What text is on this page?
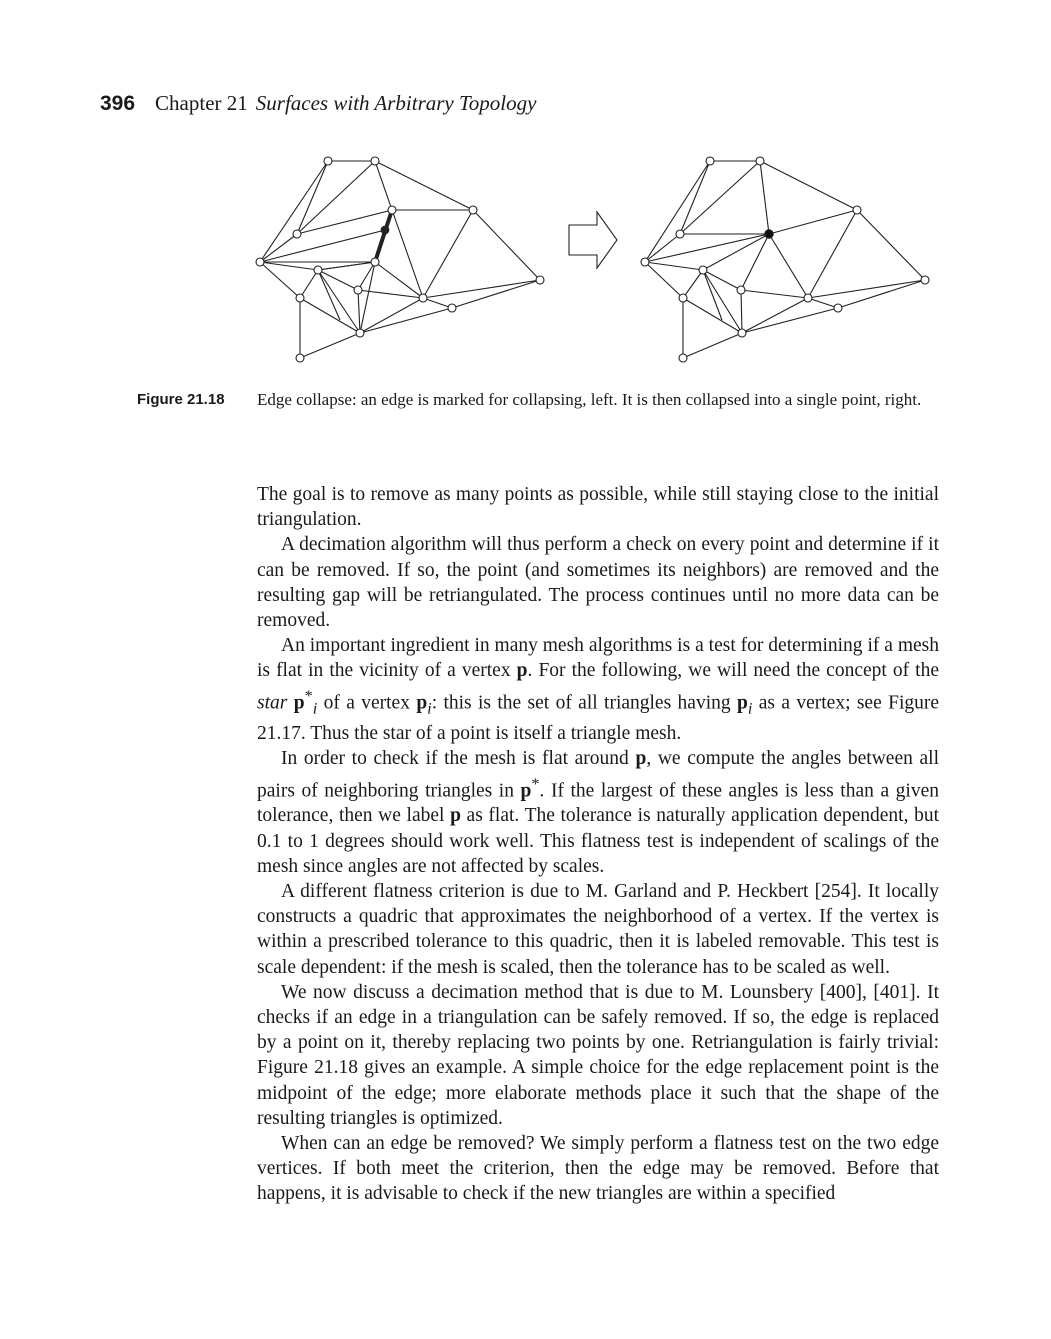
396 Chapter 21 Surfaces with Arbitrary Topology
Figure 21.18 Edge collapse: an edge is marked for collapsing, left. It is then collapsed into a single point, right.

The goal is to remove as many points as possible, while still staying close to the initial triangulation.

A decimation algorithm will thus perform a check on every point and determine if it can be removed. If so, the point (and sometimes its neighbors) are removed and the resulting gap will be retriangulated. The process continues until no more data can be removed.

An important ingredient in many mesh algorithms is a test for determining if a mesh is flat in the vicinity of a vertex p. For the following, we will need the concept of the star $p^*_i$ of a vertex $p_i$: this is the set of all triangles having $p_i$ as a vertex; see Figure 21.17. Thus the star of a point is itself a triangle mesh.

In order to check if the mesh is flat around p, we compute the angles between all pairs of neighboring triangles in p*. If the largest of these angles is less than a given tolerance, then we label p as flat. The tolerance is naturally application dependent, but 0.1 to 1 degrees should work well. This flatness test is independent of scalings of the mesh since angles are not affected by scales.

A different flatness criterion is due to M. Garland and P. Heckbert [254]. It locally constructs a quadric that approximates the neighborhood of a vertex. If the vertex is within a prescribed tolerance to this quadric, then it is labeled removable. This test is scale dependent: if the mesh is scaled, then the tolerance has to be scaled as well.

We now discuss a decimation method that is due to M. Lounsbery [400], [401]. It checks if an edge in a triangulation can be safely removed. If so, the edge is replaced by a point on it, thereby replacing two points by one. Retriangulation is fairly trivial: Figure 21.18 gives an example. A simple choice for the edge replacement point is the midpoint of the edge; more elaborate methods place it such that the shape of the resulting triangles is optimized.

When can an edge be removed? We simply perform a flatness test on the two edge vertices. If both meet the criterion, then the edge may be removed. Before that happens, it is advisable to check if the new triangles are within a specified
